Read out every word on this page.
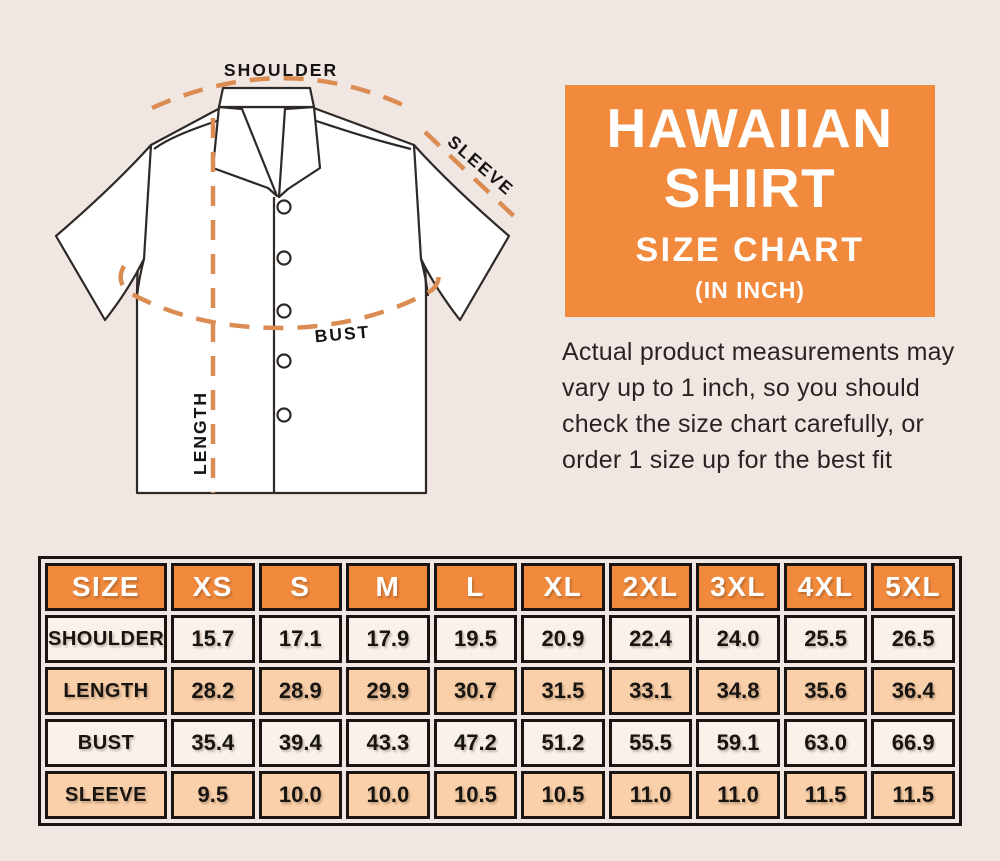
SHOULDER
SLEEVE
BUST
LENGTH
HAWAIIAN
SHIRT
SIZE CHART
(IN INCH)
Actual product measurements may vary up to 1 inch, so you should check the size chart carefully, or order 1 size up for the best fit
SIZE	XS	S	M	L	XL	2XL	3XL	4XL	5XL
SHOULDER	15.7	17.1	17.9	19.5	20.9	22.4	24.0	25.5	26.5
LENGTH	28.2	28.9	29.9	30.7	31.5	33.1	34.8	35.6	36.4
BUST	35.4	39.4	43.3	47.2	51.2	55.5	59.1	63.0	66.9
SLEEVE	9.5	10.0	10.0	10.5	10.5	11.0	11.0	11.5	11.5
